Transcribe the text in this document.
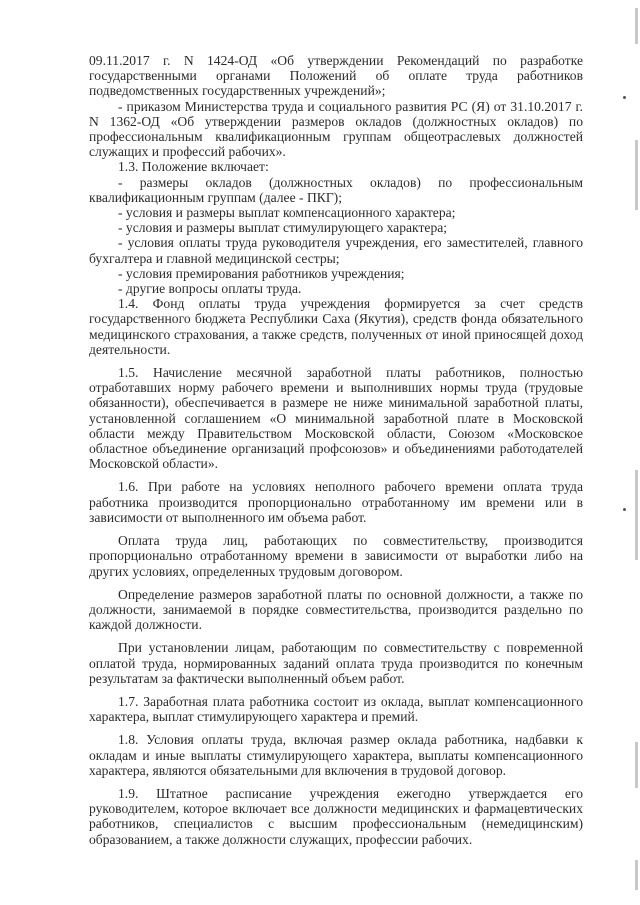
09.11.2017 г. N 1424-ОД «Об утверждении Рекомендаций по разработке государственными органами Положений об оплате труда работников подведомственных государственных учреждений»;

- приказом Министерства труда и социального развития РС (Я) от 31.10.2017 г. N 1362-ОД «Об утверждении размеров окладов (должностных окладов) по профессиональным квалификационным группам общеотраслевых должностей служащих и профессий рабочих».

1.3. Положение включает:

- размеры окладов (должностных окладов) по профессиональным квалификационным группам (далее - ПКГ);

- условия и размеры выплат компенсационного характера;

- условия и размеры выплат стимулирующего характера;

- условия оплаты труда руководителя учреждения, его заместителей, главного бухгалтера и главной медицинской сестры;

- условия премирования работников учреждения;

- другие вопросы оплаты труда.

1.4. Фонд оплаты труда учреждения формируется за счет средств государственного бюджета Республики Саха (Якутия), средств фонда обязательного медицинского страхования, а также средств, полученных от иной приносящей доход деятельности.

1.5. Начисление месячной заработной платы работников, полностью отработавших норму рабочего времени и выполнивших нормы труда (трудовые обязанности), обеспечивается в размере не ниже минимальной заработной платы, установленной соглашением «О минимальной заработной плате в Московской области между Правительством Московской области, Союзом «Московское областное объединение организаций профсоюзов» и объединениями работодателей Московской области».

1.6. При работе на условиях неполного рабочего времени оплата труда работника производится пропорционально отработанному им времени или в зависимости от выполненного им объема работ.

Оплата труда лиц, работающих по совместительству, производится пропорционально отработанному времени в зависимости от выработки либо на других условиях, определенных трудовым договором.

Определение размеров заработной платы по основной должности, а также по должности, занимаемой в порядке совместительства, производится раздельно по каждой должности.

При установлении лицам, работающим по совместительству с повременной оплатой труда, нормированных заданий оплата труда производится по конечным результатам за фактически выполненный объем работ.

1.7. Заработная плата работника состоит из оклада, выплат компенсационного характера, выплат стимулирующего характера и премий.

1.8. Условия оплаты труда, включая размер оклада работника, надбавки к окладам и иные выплаты стимулирующего характера, выплаты компенсационного характера, являются обязательными для включения в трудовой договор.

1.9. Штатное расписание учреждения ежегодно утверждается его руководителем, которое включает все должности медицинских и фармацевтических работников, специалистов с высшим профессиональным (немедицинским) образованием, а также должности служащих, профессии рабочих.
